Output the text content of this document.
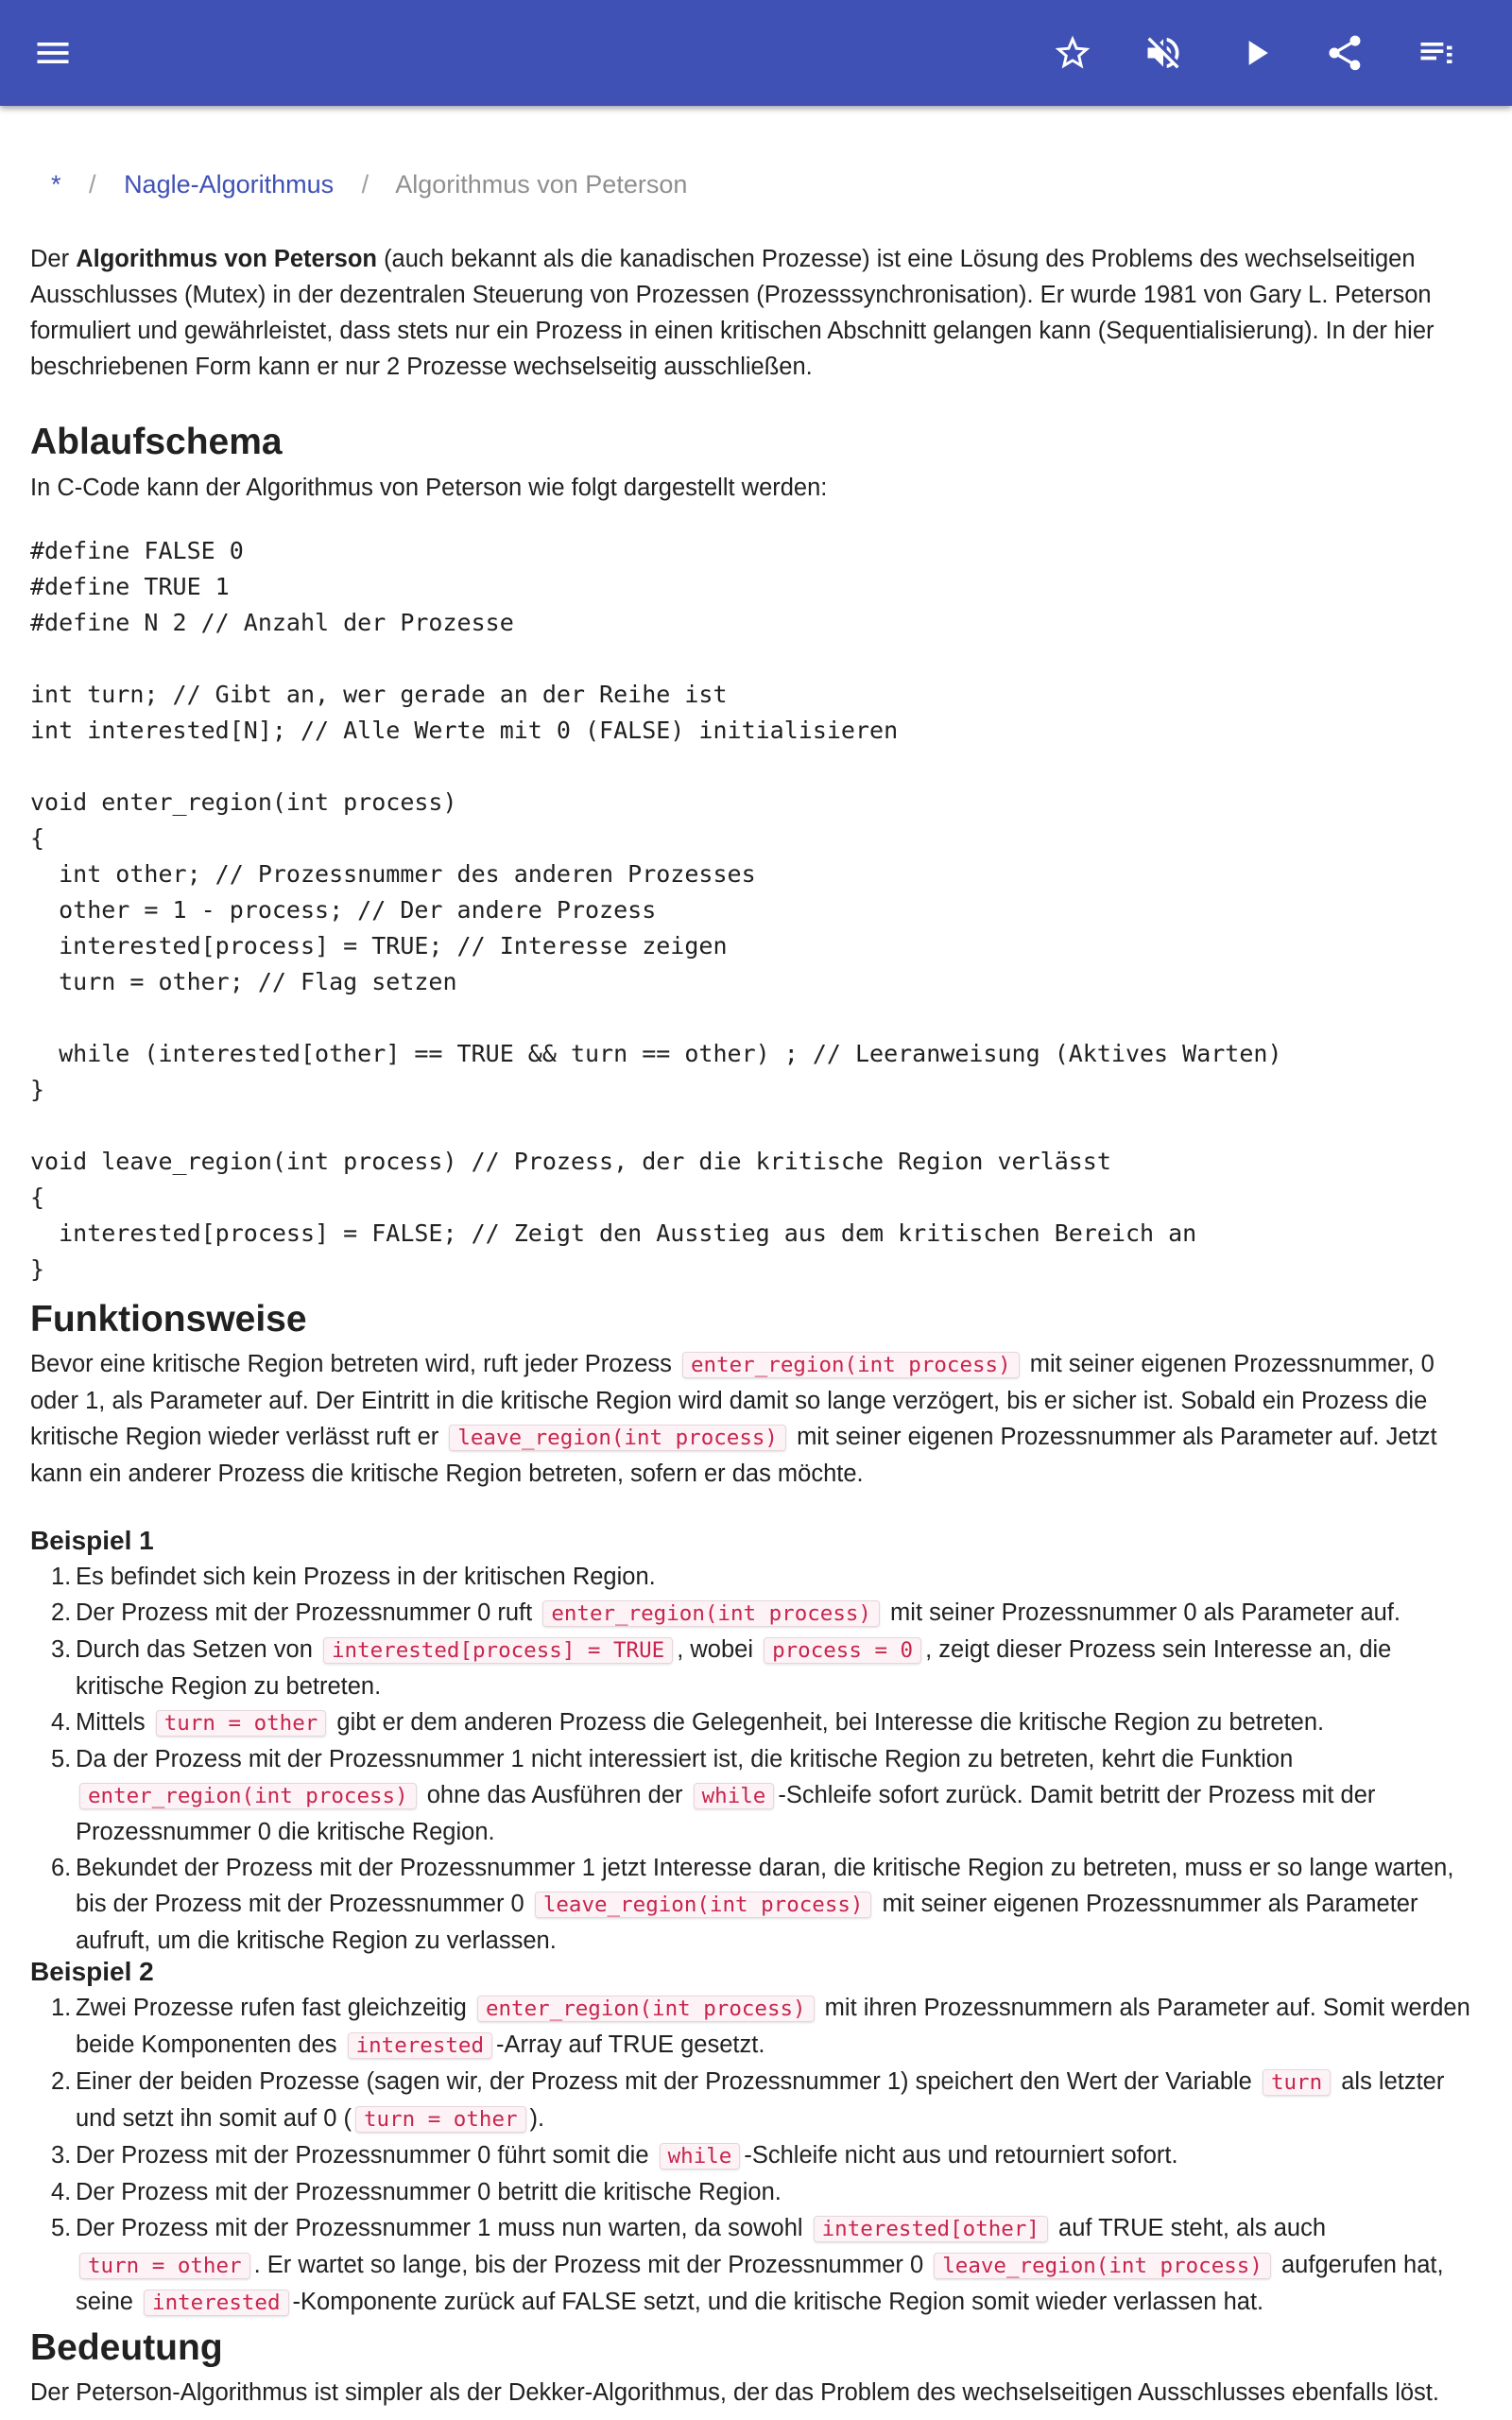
* / Nagle-Algorithmus / Algorithmus von Peterson

Der Algorithmus von Peterson (auch bekannt als die kanadischen Prozesse) ist eine Lösung des Problems des wechselseitigen Ausschlusses (Mutex) in der dezentralen Steuerung von Prozessen (Prozesssynchronisation). Er wurde 1981 von Gary L. Peterson formuliert und gewährleistet, dass stets nur ein Prozess in einen kritischen Abschnitt gelangen kann (Sequentialisierung). In der hier beschriebenen Form kann er nur 2 Prozesse wechselseitig ausschließen.

Ablaufschema

In C-Code kann der Algorithmus von Peterson wie folgt dargestellt werden:

#define FALSE 0
#define TRUE 1
#define N 2 // Anzahl der Prozesse

int turn; // Gibt an, wer gerade an der Reihe ist
int interested[N]; // Alle Werte mit 0 (FALSE) initialisieren

void enter_region(int process)
{
int other; // Prozessnummer des anderen Prozesses
other = 1 - process; // Der andere Prozess
interested[process] = TRUE; // Interesse zeigen
turn = other; // Flag setzen

while (interested[other] == TRUE && turn == other) ; // Leeranweisung (Aktives Warten)
}

void leave_region(int process) // Prozess, der die kritische Region verlässt
{
interested[process] = FALSE; // Zeigt den Ausstieg aus dem kritischen Bereich an
}
Funktionsweise

Bevor eine kritische Region betreten wird, ruft jeder Prozess enter_region(int process) mit seiner eigenen Prozessnummer, 0 oder 1, als Parameter auf. Der Eintritt in die kritische Region wird damit so lange verzögert, bis er sicher ist. Sobald ein Prozess die kritische Region wieder verlässt ruft er leave_region(int process) mit seiner eigenen Prozessnummer als Parameter auf. Jetzt kann ein anderer Prozess die kritische Region betreten, sofern er das möchte.

Beispiel 1
1. Es befindet sich kein Prozess in der kritischen Region.
2. Der Prozess mit der Prozessnummer 0 ruft enter_region(int process) mit seiner Prozessnummer 0 als Parameter auf.
3. Durch das Setzen von interested[process] = TRUE , wobei process = 0 , zeigt dieser Prozess sein Interesse an, die kritische Region zu betreten.
4. Mittels turn = other gibt er dem anderen Prozess die Gelegenheit, bei Interesse die kritische Region zu betreten.
5. Da der Prozess mit der Prozessnummer 1 nicht interessiert ist, die kritische Region zu betreten, kehrt die Funktion enter_region(int process) ohne das Ausführen der while -Schleife sofort zurück. Damit betritt der Prozess mit der Prozessnummer 0 die kritische Region.
6. Bekundet der Prozess mit der Prozessnummer 1 jetzt Interesse daran, die kritische Region zu betreten, muss er so lange warten, bis der Prozess mit der Prozessnummer 0 leave_region(int process) mit seiner eigenen Prozessnummer als Parameter aufruft, um die kritische Region zu verlassen.
Beispiel 2
1. Zwei Prozesse rufen fast gleichzeitig enter_region(int process) mit ihren Prozessnummern als Parameter auf. Somit werden beide Komponenten des interested -Array auf TRUE gesetzt.
2. Einer der beiden Prozesse (sagen wir, der Prozess mit der Prozessnummer 1) speichert den Wert der Variable turn als letzter und setzt ihn somit auf 0 ( turn = other ).
3. Der Prozess mit der Prozessnummer 0 führt somit die while -Schleife nicht aus und retourniert sofort.
4. Der Prozess mit der Prozessnummer 0 betritt die kritische Region.
5. Der Prozess mit der Prozessnummer 1 muss nun warten, da sowohl interested[other] auf TRUE steht, als auch turn = other . Er wartet so lange, bis der Prozess mit der Prozessnummer 0 leave_region(int process) aufgerufen hat, seine interested -Komponente zurück auf FALSE setzt, und die kritische Region somit wieder verlassen hat.
Bedeutung

Der Peterson-Algorithmus ist simpler als der Dekker-Algorithmus, der das Problem des wechselseitigen Ausschlusses ebenfalls löst.
